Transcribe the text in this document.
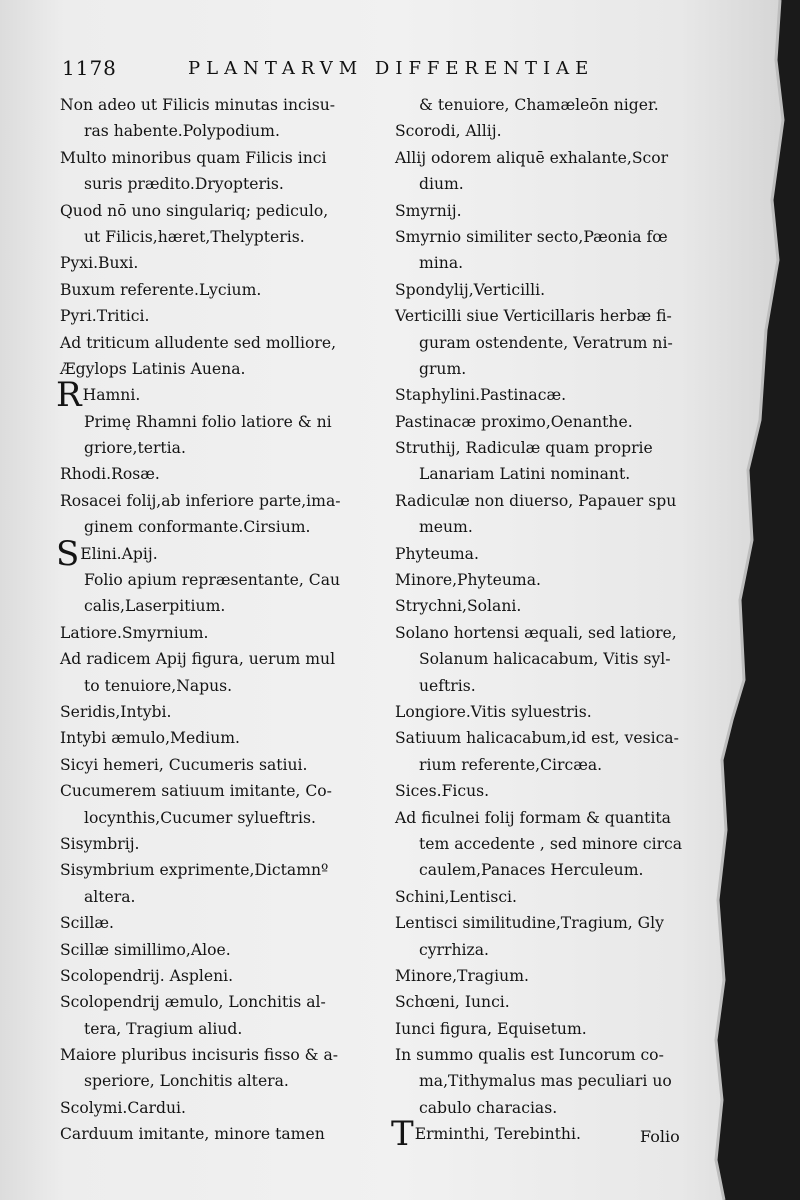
1178	PLANTARVM DIFFERENTIAE
Non adeo ut Filicis minutas incisu-
ras habente.Polypodium.
Multo minoribus quam Filicis inci
suris prædito.Dryopteris.
Quod nō uno singulariq; pediculo,
ut Filicis,hæret,Thelypteris.
Pyxi.Buxi.
Buxum referente.Lycium.
Pyri.Tritici.
Ad triticum alludente sed molliore,
Ægylops Latinis Auena.
RHamni.
Primę Rhamni folio latiore & ni
griore,tertia.
Rhodi.Rosæ.
Rosacei folij,ab inferiore parte,ima-
ginem conformante.Cirsium.
SElini.Apij.
Folio apium repræsentante, Cau
calis,Laserpitium.
Latiore.Smyrnium.
Ad radicem Apij figura, uerum mul
to tenuiore,Napus.
Seridis,Intybi.
Intybi æmulo,Medium.
Sicyi hemeri, Cucumeris satiui.
Cucumerem satiuum imitante, Co-
locynthis,Cucumer sylueftris.
Sisymbrij.
Sisymbrium exprimente,Dictamnº
altera.
Scillæ.
Scillæ simillimo,Aloe.
Scolopendrij. Aspleni.
Scolopendrij æmulo, Lonchitis al-
tera, Tragium aliud.
Maiore pluribus incisuris fisso & a-
speriore, Lonchitis altera.
Scolymi.Cardui.
Carduum imitante, minore tamen
& tenuiore, Chamæleōn niger.
Scorodi, Allij.
Allij odorem aliquē exhalante,Scor
dium.
Smyrnij.
Smyrnio similiter secto,Pæonia fœ
mina.
Spondylij,Verticilli.
Verticilli siue Verticillaris herbæ fi-
guram ostendente, Veratrum ni-
grum.
Staphylini.Pastinacæ.
Pastinacæ proximo,Oenanthe.
Struthij, Radiculæ quam proprie
Lanariam Latini nominant.
Radiculæ non diuerso, Papauer spu
meum.
Phyteuma.
Minore,Phyteuma.
Strychni,Solani.
Solano hortensi æquali, sed latiore,
Solanum halicacabum, Vitis syl-
ueftris.
Longiore.Vitis syluestris.
Satiuum halicacabum,id est, vesica-
rium referente,Circæa.
Sices.Ficus.
Ad ficulnei folij formam & quantita
tem accedente , sed minore circa
caulem,Panaces Herculeum.
Schini,Lentisci.
Lentisci similitudine,Tragium, Gly
cyrrhiza.
Minore,Tragium.
Schœni, Iunci.
Iunci figura, Equisetum.
In summo qualis est Iuncorum co-
ma,Tithymalus mas peculiari uo
cabulo characias.
TErminthi, Terebinthi.	Folio
